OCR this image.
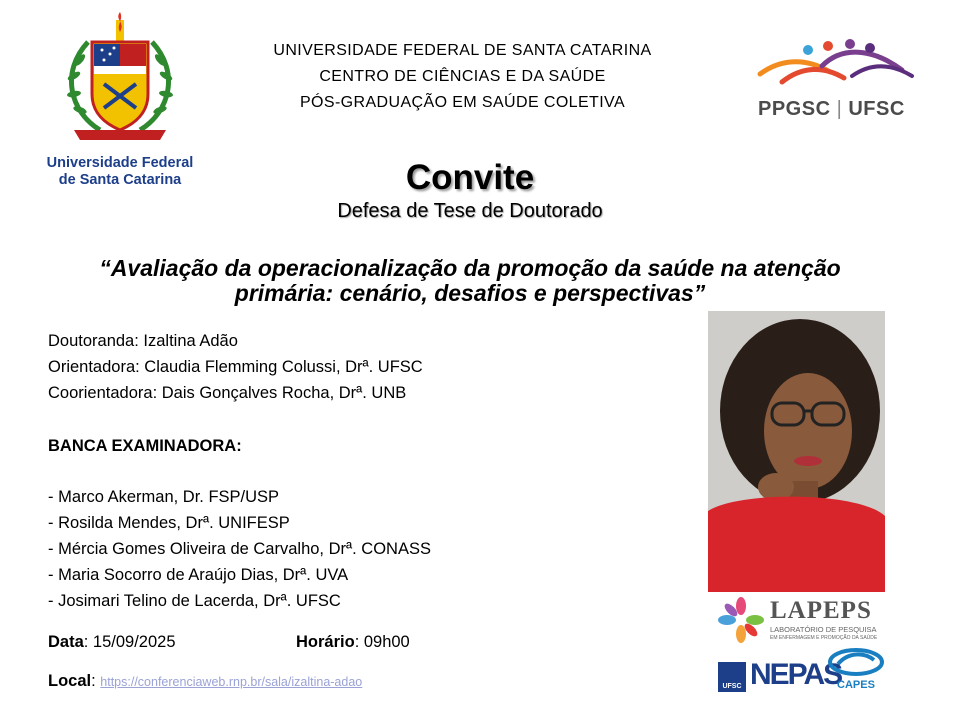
Universidade Federal
de Santa Catarina
UNIVERSIDADE FEDERAL DE SANTA CATARINA
CENTRO DE CIÊNCIAS E DA SAÚDE
PÓS-GRADUAÇÃO EM SAÚDE COLETIVA	PPGSC | UFSC
Convite
Defesa de Tese de Doutorado
“Avaliação da operacionalização da promoção da saúde na atenção
primária: cenário, desafios e perspectivas”
Doutoranda: Izaltina Adão
Orientadora: Claudia Flemming Colussi, Drª. UFSC
Coorientadora: Dais Gonçalves Rocha, Drª. UNB
BANCA EXAMINADORA:
- Marco Akerman, Dr. FSP/USP
- Rosilda Mendes, Drª. UNIFESP
- Mércia Gomes Oliveira de Carvalho, Drª. CONASS
- Maria Socorro de Araújo Dias, Drª. UVA
- Josimari Telino de Lacerda, Drª. UFSC
Data: 15/09/2025	Horário: 09h00
Local: https://conferenciaweb.rnp.br/sala/izaltina-adao
LAPEPS
LABORATÓRIO DE PESQUISA
EM ENFERMAGEM E PROMOÇÃO DA SAÚDE
UFSC NEPAS
CAPES
